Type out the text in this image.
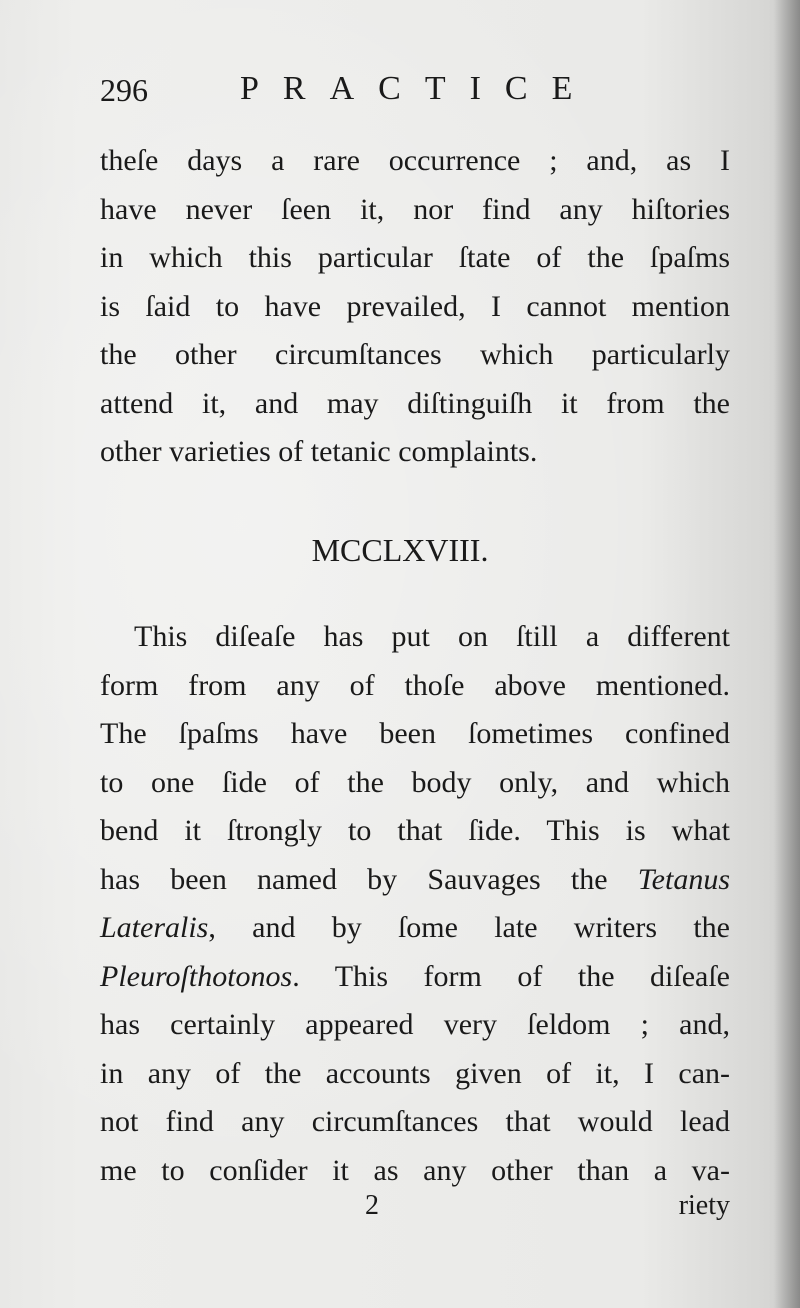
296	PRACTICE
theſe days a rare occurrence ; and, as I
have never ſeen it, nor find any hiſtories
in which this particular ſtate of the ſpaſms
is ſaid to have prevailed, I cannot mention
the other circumſtances which particularly
attend it, and may diſtinguiſh it from the
other varieties of tetanic complaints.
MCCLXVIII.
This diſeaſe has put on ſtill a different
form from any of thoſe above mentioned.
The ſpaſms have been ſometimes confined
to one ſide of the body only, and which
bend it ſtrongly to that ſide. This is what
has been named by Sauvages the Tetanus
Lateralis, and by ſome late writers the
Pleuroſthotonos. This form of the diſeaſe
has certainly appeared very ſeldom ; and,
in any of the accounts given of it, I can-
not find any circumſtances that would lead
me to conſider it as any other than a va-
2	riety
